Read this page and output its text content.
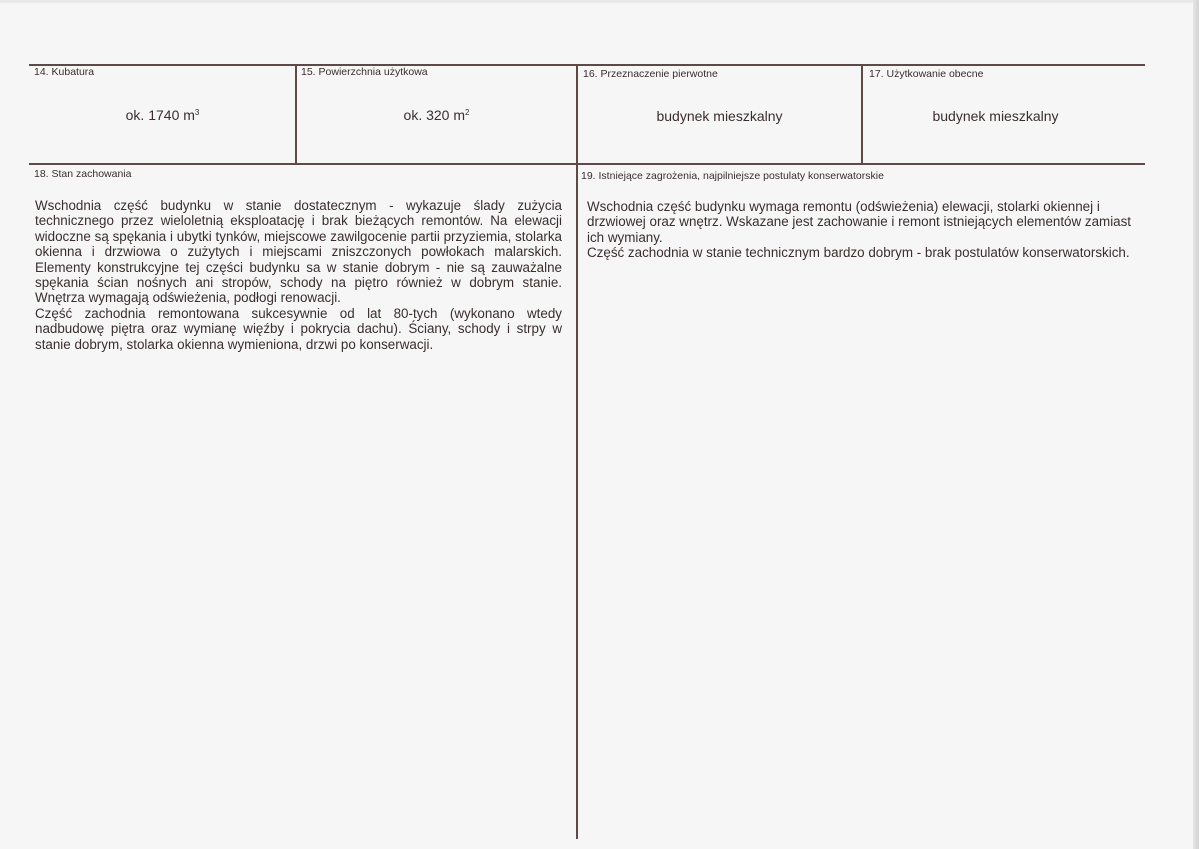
14. Kubatura
ok. 1740 $m^3$
15. Powierzchnia użytkowa
ok. 320 $m^2$
16. Przeznaczenie pierwotne
budynek mieszkalny
17. Użytkowanie obecne
budynek mieszkalny
18. Stan zachowania

Wschodnia część budynku w stanie dostatecznym - wykazuje ślady zużycia technicznego przez wieloletnią eksploatację i brak bieżących remontów. Na elewacji widoczne są spękania i ubytki tynków, miejscowe zawilgocenie partii przyziemia, stolarka okienna i drzwiowa o zużytych i miejscami zniszczonych powłokach malarskich. Elementy konstrukcyjne tej części budynku sa w stanie dobrym - nie są zauważalne spękania ścian nośnych ani stropów, schody na piętro również w dobrym stanie. Wnętrza wymagają odświeżenia, podłogi renowacji.

Część zachodnia remontowana sukcesywnie od lat 80-tych (wykonano wtedy nadbudowę piętra oraz wymianę więźby i pokrycia dachu). Ściany, schody i strpy w stanie dobrym, stolarka okienna wymieniona, drzwi po konserwacji.

19. Istniejące zagrożenia, najpilniejsze postulaty konserwatorskie

Wschodnia część budynku wymaga remontu (odświeżenia) elewacji, stolarki okiennej i drzwiowej oraz wnętrz. Wskazane jest zachowanie i remont istniejących elementów zamiast ich wymiany.

Część zachodnia w stanie technicznym bardzo dobrym - brak postulatów konserwatorskich.
